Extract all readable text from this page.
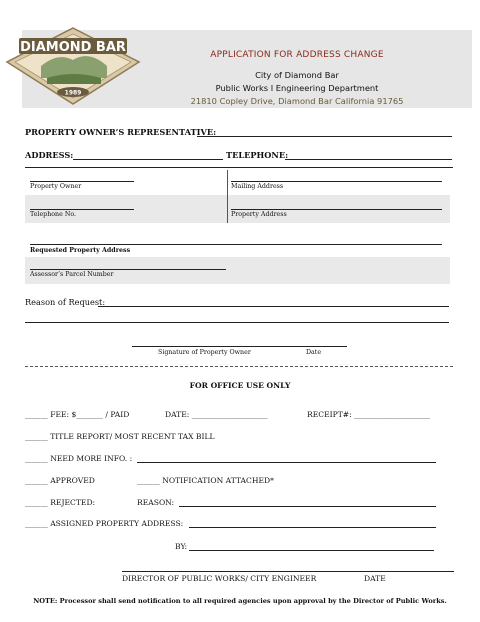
DIAMOND BAR
1989
APPLICATION FOR ADDRESS CHANGE
City of Diamond Bar
Public Works I Engineering Department
21810 Copley Drive, Diamond Bar California 91765
PROPERTY OWNER’S REPRESENTATIVE:
ADDRESS:	TELEPHONE:
Property Owner	Mailing Address
Telephone No.	Property Address
Requested Property Address
Assessor’s Parcel Number
Reason of Request:
Signature of Property Owner	Date
FOR OFFICE USE ONLY
______ FEE: $_______ / PAID	DATE: ____________________	RECEIPT#: ____________________
______ TITLE REPORT/ MOST RECENT TAX BILL
______ NEED MORE INFO. :
______ APPROVED	______ NOTIFICATION ATTACHED*
______ REJECTED:	REASON:
______ ASSIGNED PROPERTY ADDRESS:
BY:
DIRECTOR OF PUBLIC WORKS/ CITY ENGINEER	DATE
NOTE: Processor shall send notification to all required agencies upon approval by the Director of Public Works.
